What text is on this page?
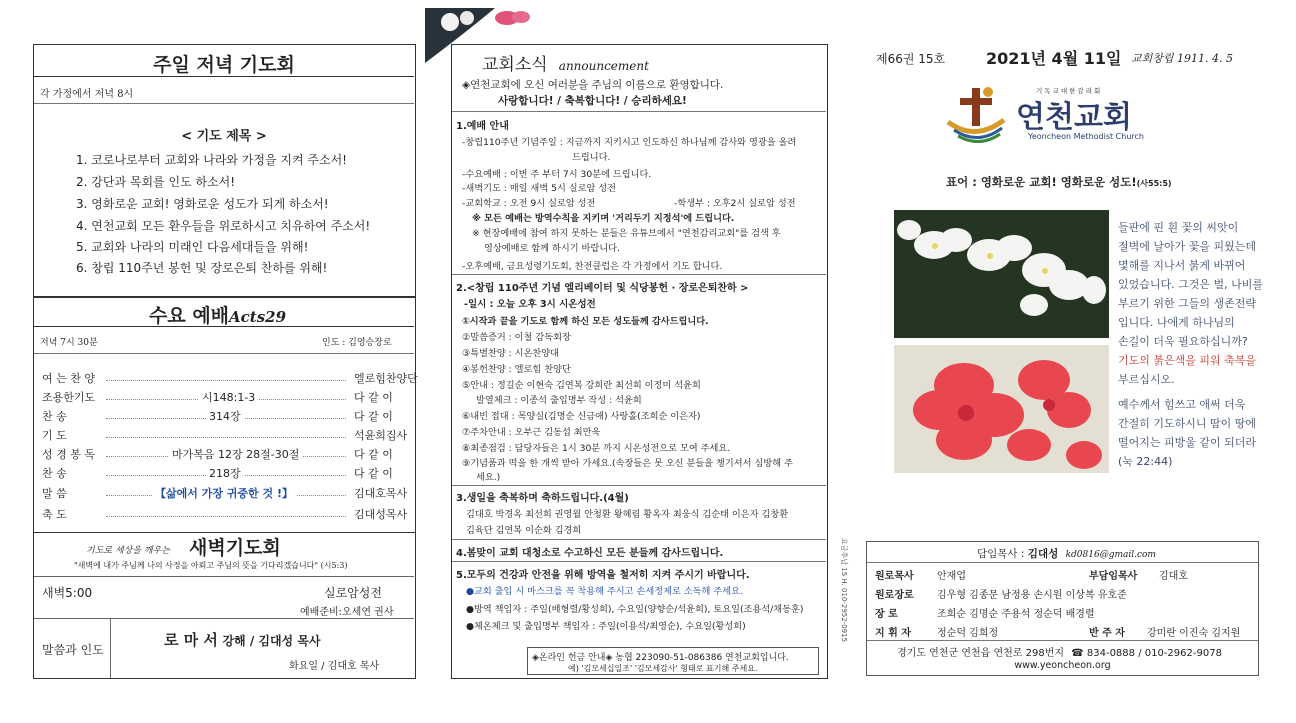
주일 저녁 기도회
각 가정에서 저녁 8시
< 기도 제목 >
1. 코로나로부터 교회와 나라와 가정을 지켜 주소서!
2. 강단과 목회를 인도 하소서!
3. 영화로운 교회! 영화로운 성도가 되게 하소서!
4. 연천교회 모든 환우들을 위로하시고 치유하여 주소서!
5. 교회와 나라의 미래인 다음세대들을 위해!
6. 창립 110주년 봉헌 및 장로은퇴 찬하를 위해!
수요 예배Acts29
저녁 7시 30분	인도 : 김영승장로
여 는 찬 양	엘로힘찬양단
조용한기도	시148:1-3	다 같 이
찬 송	314장	다 같 이
기 도	석윤희집사
성 경 봉 독	마가복음 12장 28절-30절	다 같 이
찬 송	218장	다 같 이
말 씀	【삶에서 가장 귀중한 것 !】	김대호목사
축 도	김대성목사
기도로 세상을 깨우는 새벽기도회
"새벽에 내가 주님께 나의 사정을 아뢰고 주님의 뜻을 기다리겠습니다" (시5:3)
새벽5:00	실로암성전
예배준비:오세연 권사
말씀과 인도
로 마 서 강해 / 김대성 목사
화요일 / 김대호 목사
교회소식 announcement
◈연천교회에 오신 여러분을 주님의 이름으로 환영합니다.
사랑합니다! / 축복합니다! / 승리하세요!
1.예배 안내
-창립110주년 기념주일 : 지금까지 지키시고 인도하신 하나님께 감사와 영광을 올려
드립니다.
-수요예배 : 이번 주 부터 7시 30분에 드립니다.
-새벽기도 : 매일 새벽 5시 실로암 성전
-교회학교 : 오전 9시 실로암 성전	-학생부 : 오후2시 실로암 성전
※ 모든 예배는 방역수칙을 지키며 '거리두기 지정석'에 드립니다.
※ 현장예배에 참여 하지 못하는 분들은 유튜브에서 "연천감리교회"를 검색 후
영상예배로 함께 하시기 바랍니다.
-오후예배, 금요성령기도회, 찬전클럽은 각 가정에서 기도 합니다.
2.<창립 110주년 기념 엘리베이터 및 식당봉헌 · 장로은퇴찬하 >
-일시 : 오늘 오후 3시 시온성전
①시작과 끝을 기도로 함께 하신 모든 성도들께 감사드립니다.
②말씀증거 : 이철 감독회장
③특별찬양 : 시온찬양대
④봉헌찬양 : 엘로힘 찬양단
⑤안내 : 정길순 이현숙 김연복 강희란 최선희 이정미 석윤희
발열체크 : 이종석 출입명부 작성 : 석윤희
⑥내빈 접대 : 목양실(김명순 신금애) 사랑홀(조희순 이은자)
⑦주차안내 : 오부근 김동섭 최만욱
⑧최종점검 : 담당자들은 1시 30분 까지 시온성전으로 모여 주세요.
⑨기념품과 떡을 한 개씩 받아 가세요.(속장들은 못 오신 분들을 챙기셔서 심방해 주
세요.)
3.생일을 축복하며 축하드립니다.(4월)
김대호 박경옥 최선희 권영월 안청환 왕혜림 황옥자 최웅식 김순태 이은자 김창환
김육단 김연복 이순화 김경희
4.봄맞이 교회 대청소로 수고하신 모든 분들께 감사드립니다.
5.모두의 건강과 안전을 위해 방역을 철저히 지켜 주시기 바랍니다.
●교회 출입 시 마스크를 꼭 착용해 주시고 손세정제로 소독해 주세요.
●방역 책임자 : 주일(배형렬/황성희), 수요일(양향순/석윤희), 토요일(조용석/채동훈)
●체온체크 및 출입명부 책임자 : 주일(이용석/최영순), 수요일(황성희)
◈온라인 헌금 안내◈ 농협 223090-51-086386 연천교회입니다.
예) '김모세십일조' '김모세감사' 형태로 표기해 주세요.
요금후납 15 H. 010-2952-0915
제66권 15호	2021년 4월 11일 교회창립 1911. 4. 5
기독교대한감리회
연천교회
Yeoncheon Methodist Church
표어 : 영화로운 교회! 영화로운 성도!(사55:5)
들판에 핀 흰 꽃의 씨앗이
절벽에 날아가 꽃을 피웠는데
몇해를 지나서 붉게 바뀌어
있었습니다. 그것은 벌, 나비를
부르기 위한 그들의 생존전략
입니다. 나에게 하나님의
손길이 더욱 필요하십니까?
기도의 붉은색을 피워 축복을
부르십시오.
예수께서 힘쓰고 애써 더욱
간절히 기도하시니 땀이 땅에
떨어지는 피방울 같이 되더라
(눅 22:44)
담임목사 : 김대성 kd0816@gmail.com
원로목사 안재업	부담임목사 김대호
원로장로 김우형 김종문 남정용 손시원 이상복 유호준
장 로	조희순 김명순 주용석 정순덕 배경렬
지 휘 자	정순덕 김희정	반 주 자 강미란 이진숙 김지원
경기도 연천군 연천읍 연천로 298번지 ☎ 834-0888 / 010-2962-9078
www.yeoncheon.org
